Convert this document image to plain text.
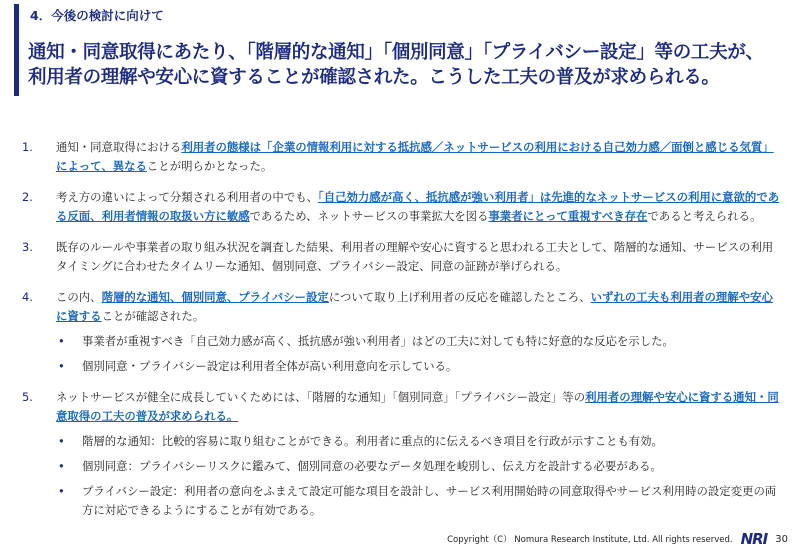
4．今後の検討に向けて
通知・同意取得にあたり、「階層的な通知」「個別同意」「プライバシー設定」等の工夫が、
利用者の理解や安心に資することが確認された。こうした工夫の普及が求められる。
1. 通知・同意取得における利用者の態様は「企業の情報利用に対する抵抗感／ネットサービスの利用における自己効力感／面倒と感じる気質」によって、異なることが明らかとなった。
2. 考え方の違いによって分類される利用者の中でも、「自己効力感が高く、抵抗感が強い利用者」は先進的なネットサービスの利用に意欲的である反面、利用者情報の取扱い方に敏感であるため、ネットサービスの事業拡大を図る事業者にとって重視すべき存在であると考えられる。
3. 既存のルールや事業者の取り組み状況を調査した結果、利用者の理解や安心に資すると思われる工夫として、階層的な通知、サービスの利用タイミングに合わせたタイムリーな通知、個別同意、プライバシー設定、同意の証跡が挙げられる。
4. この内、階層的な通知、個別同意、プライバシー設定について取り上げ利用者の反応を確認したところ、いずれの工夫も利用者の理解や安心に資することが確認された。
• 事業者が重視すべき「自己効力感が高く、抵抗感が強い利用者」はどの工夫に対しても特に好意的な反応を示した。
• 個別同意・プライバシー設定は利用者全体が高い利用意向を示している。
5. ネットサービスが健全に成長していくためには、「階層的な通知」「個別同意」「プライバシー設定」等の利用者の理解や安心に資する通知・同意取得の工夫の普及が求められる。
• 階層的な通知：比較的容易に取り組むことができる。利用者に重点的に伝えるべき項目を行政が示すことも有効。
• 個別同意：プライバシーリスクに鑑みて、個別同意の必要なデータ処理を峻別し、伝え方を設計する必要がある。
• プライバシー設定：利用者の意向をふまえて設定可能な項目を設計し、サービス利用開始時の同意取得やサービス利用時の設定変更の両方に対応できるようにすることが有効である。
Copyright（C） Nomura Research Institute, Ltd. All rights reserved. NRI 30
